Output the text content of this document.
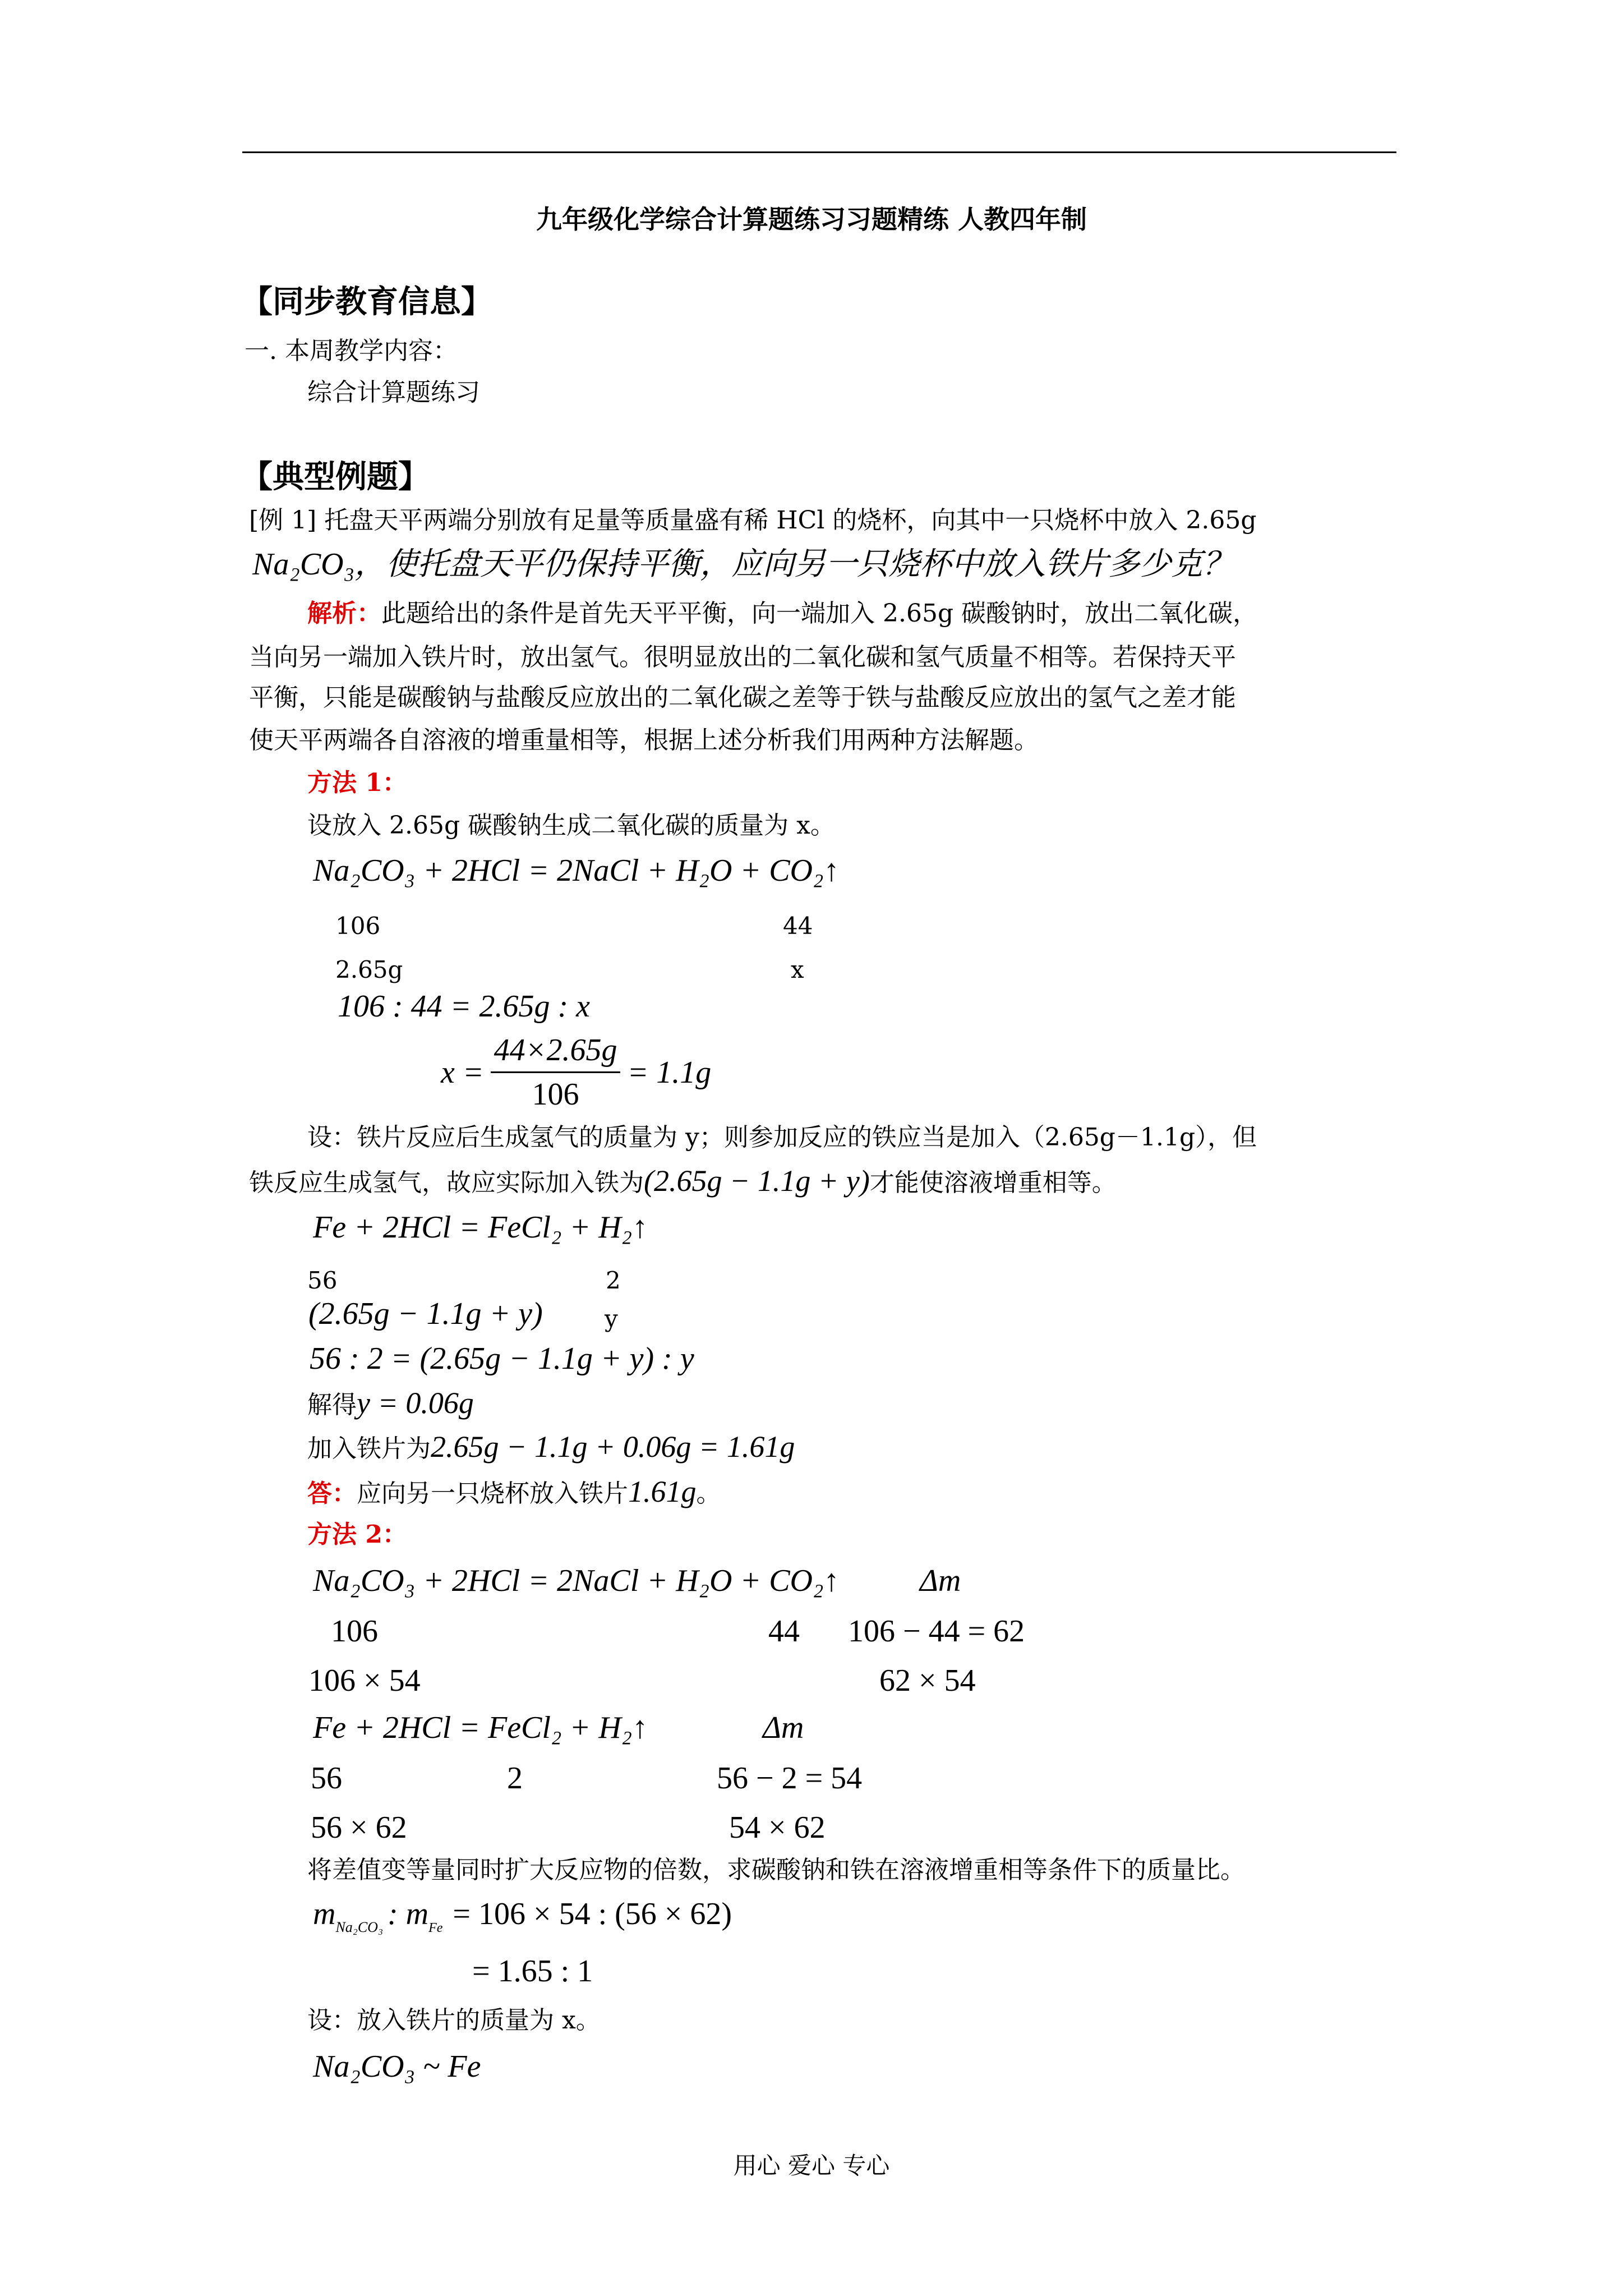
九年级化学综合计算题练习习题精练 人教四年制
【同步教育信息】
一. 本周教学内容：
综合计算题练习
【典型例题】
[例 1] 托盘天平两端分别放有足量等质量盛有稀 HCl 的烧杯，向其中一只烧杯中放入 2.65g
Na₂CO₃，使托盘天平仍保持平衡，应向另一只烧杯中放入铁片多少克？
解析：此题给出的条件是首先天平平衡，向一端加入 2.65g 碳酸钠时，放出二氧化碳，
当向另一端加入铁片时，放出氢气。很明显放出的二氧化碳和氢气质量不相等。若保持天平
平衡，只能是碳酸钠与盐酸反应放出的二氧化碳之差等于铁与盐酸反应放出的氢气之差才能
使天平两端各自溶液的增重量相等，根据上述分析我们用两种方法解题。
方法 1：
设放入 2.65g 碳酸钠生成二氧化碳的质量为 x。
Na₂CO₃ + 2HCl = 2NaCl + H₂O + CO₂↑
106	44
2.65g	x
106 : 44 = 2.65g : x
$x = \frac{44\times 2.65g}{106} = 1.1g$
设：铁片反应后生成氢气的质量为 y；则参加反应的铁应当是加入（2.65g－1.1g），但
铁反应生成氢气，故应实际加入铁为(2.65g − 1.1g + y)才能使溶液增重相等。
Fe + 2HCl = FeCl₂ + H₂↑
56	2
(2.65g − 1.1g + y)	y
56 : 2 = (2.65g − 1.1g + y) : y
解得y = 0.06g
加入铁片为2.65g − 1.1g + 0.06g = 1.61g
答：应向另一只烧杯放入铁片1.61g。
方法 2：
Na₂CO₃ + 2HCl = 2NaCl + H₂O + CO₂↑	Δm
106	44 106 − 44 = 62
106 × 54	62 × 54
Fe + 2HCl = FeCl₂ + H₂↑	Δm
56	2	56 − 2 = 54
56 × 62	54 × 62
将差值变等量同时扩大反应物的倍数，求碳酸钠和铁在溶液增重相等条件下的质量比。
$m_{Na_2CO_3}$ : $m_{Fe} = 106 \times 54$ : (56 × 62)
= 1.65 : 1
设：放入铁片的质量为 x。
Na₂CO₃ ~ Fe
用心 爱心 专心
